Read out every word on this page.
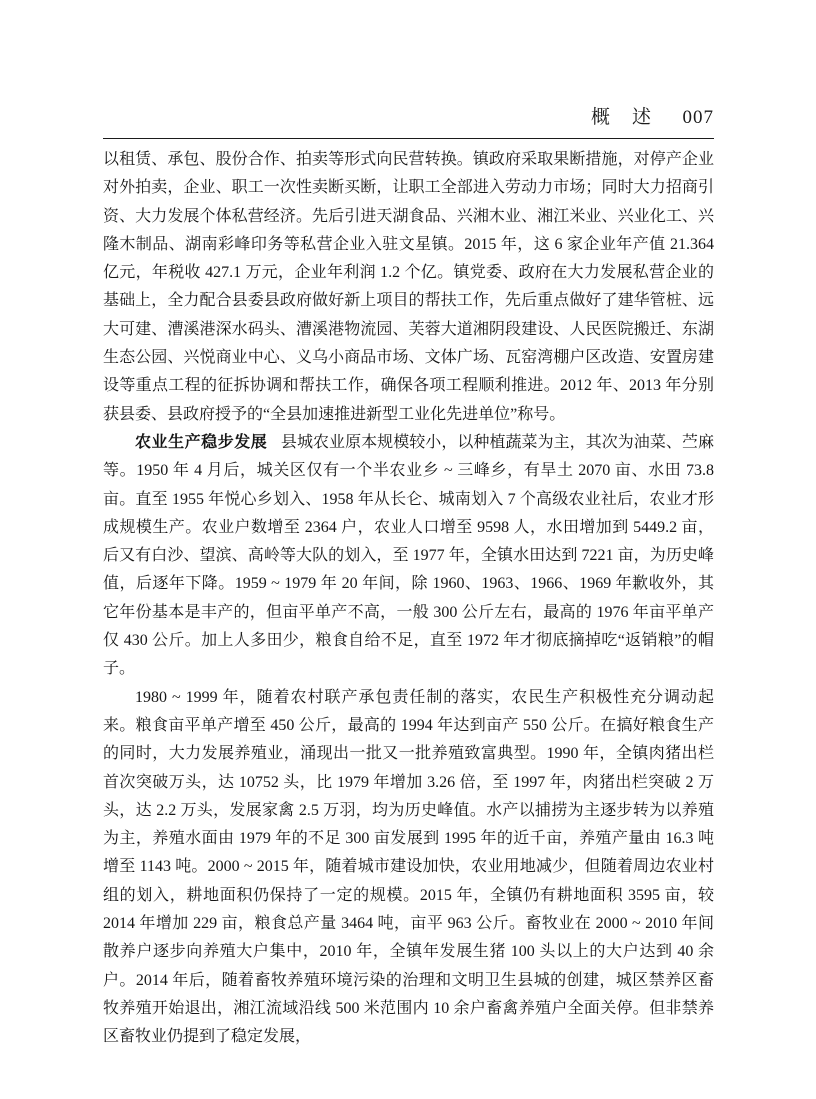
概　述 007

以租赁、承包、股份合作、拍卖等形式向民营转换。镇政府采取果断措施，对停产企业对外拍卖，企业、职工一次性卖断买断，让职工全部进入劳动力市场；同时大力招商引资、大力发展个体私营经济。先后引进天湖食品、兴湘木业、湘江米业、兴业化工、兴隆木制品、湖南彩峰印务等私营企业入驻文星镇。2015 年，这 6 家企业年产值 21.364 亿元，年税收 427.1 万元，企业年利润 1.2 个亿。镇党委、政府在大力发展私营企业的基础上，全力配合县委县政府做好新上项目的帮扶工作，先后重点做好了建华管桩、远大可建、漕溪港深水码头、漕溪港物流园、芙蓉大道湘阴段建设、人民医院搬迁、东湖生态公园、兴悦商业中心、义乌小商品市场、文体广场、瓦窑湾棚户区改造、安置房建设等重点工程的征拆协调和帮扶工作，确保各项工程顺利推进。2012 年、2013 年分别获县委、县政府授予的“全县加速推进新型工业化先进单位”称号。

农业生产稳步发展 县城农业原本规模较小，以种植蔬菜为主，其次为油菜、苎麻等。1950 年 4 月后，城关区仅有一个半农业乡 ~ 三峰乡，有旱土 2070 亩、水田 73.8 亩。直至 1955 年悦心乡划入、1958 年从长仑、城南划入 7 个高级农业社后，农业才形成规模生产。农业户数增至 2364 户，农业人口增至 9598 人，水田增加到 5449.2 亩，后又有白沙、望滨、高岭等大队的划入，至 1977 年，全镇水田达到 7221 亩，为历史峰值，后逐年下降。1959 ~ 1979 年 20 年间，除 1960、1963、1966、1969 年歉收外，其它年份基本是丰产的，但亩平单产不高，一般 300 公斤左右，最高的 1976 年亩平单产仅 430 公斤。加上人多田少，粮食自给不足，直至 1972 年才彻底摘掉吃“返销粮”的帽子。

1980 ~ 1999 年，随着农村联产承包责任制的落实，农民生产积极性充分调动起来。粮食亩平单产增至 450 公斤，最高的 1994 年达到亩产 550 公斤。在搞好粮食生产的同时，大力发展养殖业，涌现出一批又一批养殖致富典型。1990 年，全镇肉猪出栏首次突破万头，达 10752 头，比 1979 年增加 3.26 倍，至 1997 年，肉猪出栏突破 2 万头，达 2.2 万头，发展家禽 2.5 万羽，均为历史峰值。水产以捕捞为主逐步转为以养殖为主，养殖水面由 1979 年的不足 300 亩发展到 1995 年的近千亩，养殖产量由 16.3 吨增至 1143 吨。2000 ~ 2015 年，随着城市建设加快，农业用地减少，但随着周边农业村组的划入，耕地面积仍保持了一定的规模。2015 年，全镇仍有耕地面积 3595 亩，较 2014 年增加 229 亩，粮食总产量 3464 吨，亩平 963 公斤。畜牧业在 2000 ~ 2010 年间散养户逐步向养殖大户集中，2010 年，全镇年发展生猪 100 头以上的大户达到 40 余户。2014 年后，随着畜牧养殖环境污染的治理和文明卫生县城的创建，城区禁养区畜牧养殖开始退出，湘江流域沿线 500 米范围内 10 余户畜禽养殖户全面关停。但非禁养区畜牧业仍提到了稳定发展，
